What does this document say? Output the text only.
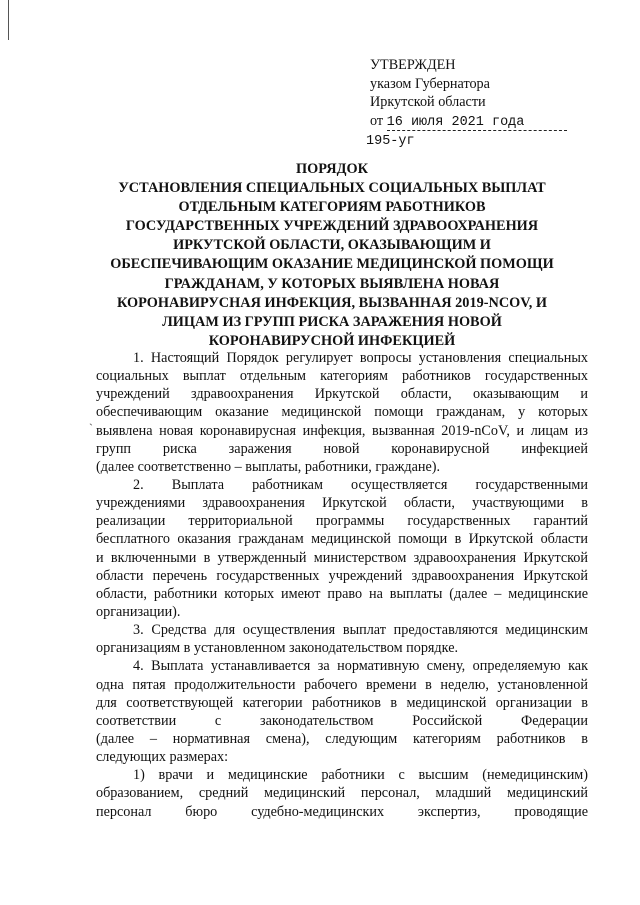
УТВЕРЖДЕН
указом Губернатора
Иркутской области
от 16 июля 2021 года
195-уг
ПОРЯДОК
УСТАНОВЛЕНИЯ СПЕЦИАЛЬНЫХ СОЦИАЛЬНЫХ ВЫПЛАТ
ОТДЕЛЬНЫМ КАТЕГОРИЯМ РАБОТНИКОВ
ГОСУДАРСТВЕННЫХ УЧРЕЖДЕНИЙ ЗДРАВООХРАНЕНИЯ
ИРКУТСКОЙ ОБЛАСТИ, ОКАЗЫВАЮЩИМ И
ОБЕСПЕЧИВАЮЩИМ ОКАЗАНИЕ МЕДИЦИНСКОЙ ПОМОЩИ
ГРАЖДАНАМ, У КОТОРЫХ ВЫЯВЛЕНА НОВАЯ
КОРОНАВИРУСНАЯ ИНФЕКЦИЯ, ВЫЗВАННАЯ 2019-NCOV, И
ЛИЦАМ ИЗ ГРУПП РИСКА ЗАРАЖЕНИЯ НОВОЙ
КОРОНАВИРУСНОЙ ИНФЕКЦИЕЙ
`
1. Настоящий Порядок регулирует вопросы установления специальных
социальных выплат отдельным категориям работников государственных
учреждений здравоохранения Иркутской области, оказывающим и
обеспечивающим оказание медицинской помощи гражданам, у которых
выявлена новая коронавирусная инфекция, вызванная 2019-nCoV, и лицам из
групп риска заражения новой коронавирусной инфекцией
(далее соответственно – выплаты, работники, граждане).
2. Выплата работникам осуществляется государственными
учреждениями здравоохранения Иркутской области, участвующими в
реализации территориальной программы государственных гарантий
бесплатного оказания гражданам медицинской помощи в Иркутской области
и включенными в утвержденный министерством здравоохранения Иркутской
области перечень государственных учреждений здравоохранения Иркутской
области, работники которых имеют право на выплаты (далее – медицинские
организации).
3. Средства для осуществления выплат предоставляются медицинским
организациям в установленном законодательством порядке.
4. Выплата устанавливается за нормативную смену, определяемую как
одна пятая продолжительности рабочего времени в неделю, установленной
для соответствующей категории работников в медицинской организации в
соответствии с законодательством Российской Федерации
(далее – нормативная смена), следующим категориям работников в
следующих размерах:
1) врачи и медицинские работники с высшим (немедицинским)
образованием, средний медицинский персонал, младший медицинский
персонал бюро судебно-медицинских экспертиз, проводящие
